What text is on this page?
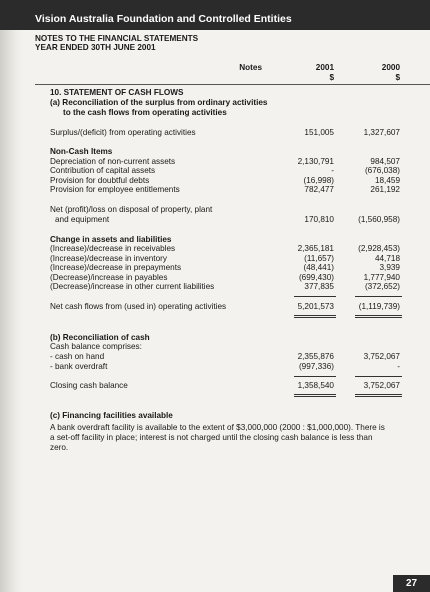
Vision Australia Foundation and Controlled Entities
NOTES TO THE FINANCIAL STATEMENTS
YEAR ENDED 30TH JUNE 2001
Notes	2001	2000
$	$
10. STATEMENT OF CASH FLOWS
(a) Reconciliation of the surplus from ordinary activities
to the cash flows from operating activities
Surplus/(deficit) from operating activities	151,005	1,327,607
Non-Cash Items
Depreciation of non-current assets	2,130,791	984,507
Contribution of capital assets	-	(676,038)
Provision for doubtful debts	(16,998)	18,459
Provision for employee entitlements	782,477	261,192
Net (profit)/loss on disposal of property, plant
and equipment	170,810	(1,560,958)
Change in assets and liabilities
(Increase)/decrease in receivables	2,365,181	(2,928,453)
(Increase)/decrease in inventory	(11,657)	44,718
(Increase)/decrease in prepayments	(48,441)	3,939
(Decrease)/increase in payables	(699,430)	1,777,940
(Decrease)/increase in other current liabilities	377,835	(372,652)
Net cash flows from (used in) operating activities	5,201,573	(1,119,739)
(b) Reconciliation of cash
Cash balance comprises:
- cash on hand	2,355,876	3,752,067
- bank overdraft	(997,336)	-
Closing cash balance	1,358,540	3,752,067
(c) Financing facilities available
A bank overdraft facility is available to the extent of $3,000,000 (2000 : $1,000,000). There is a set-off facility in place; interest is not charged until the closing cash balance is less than zero.
27
